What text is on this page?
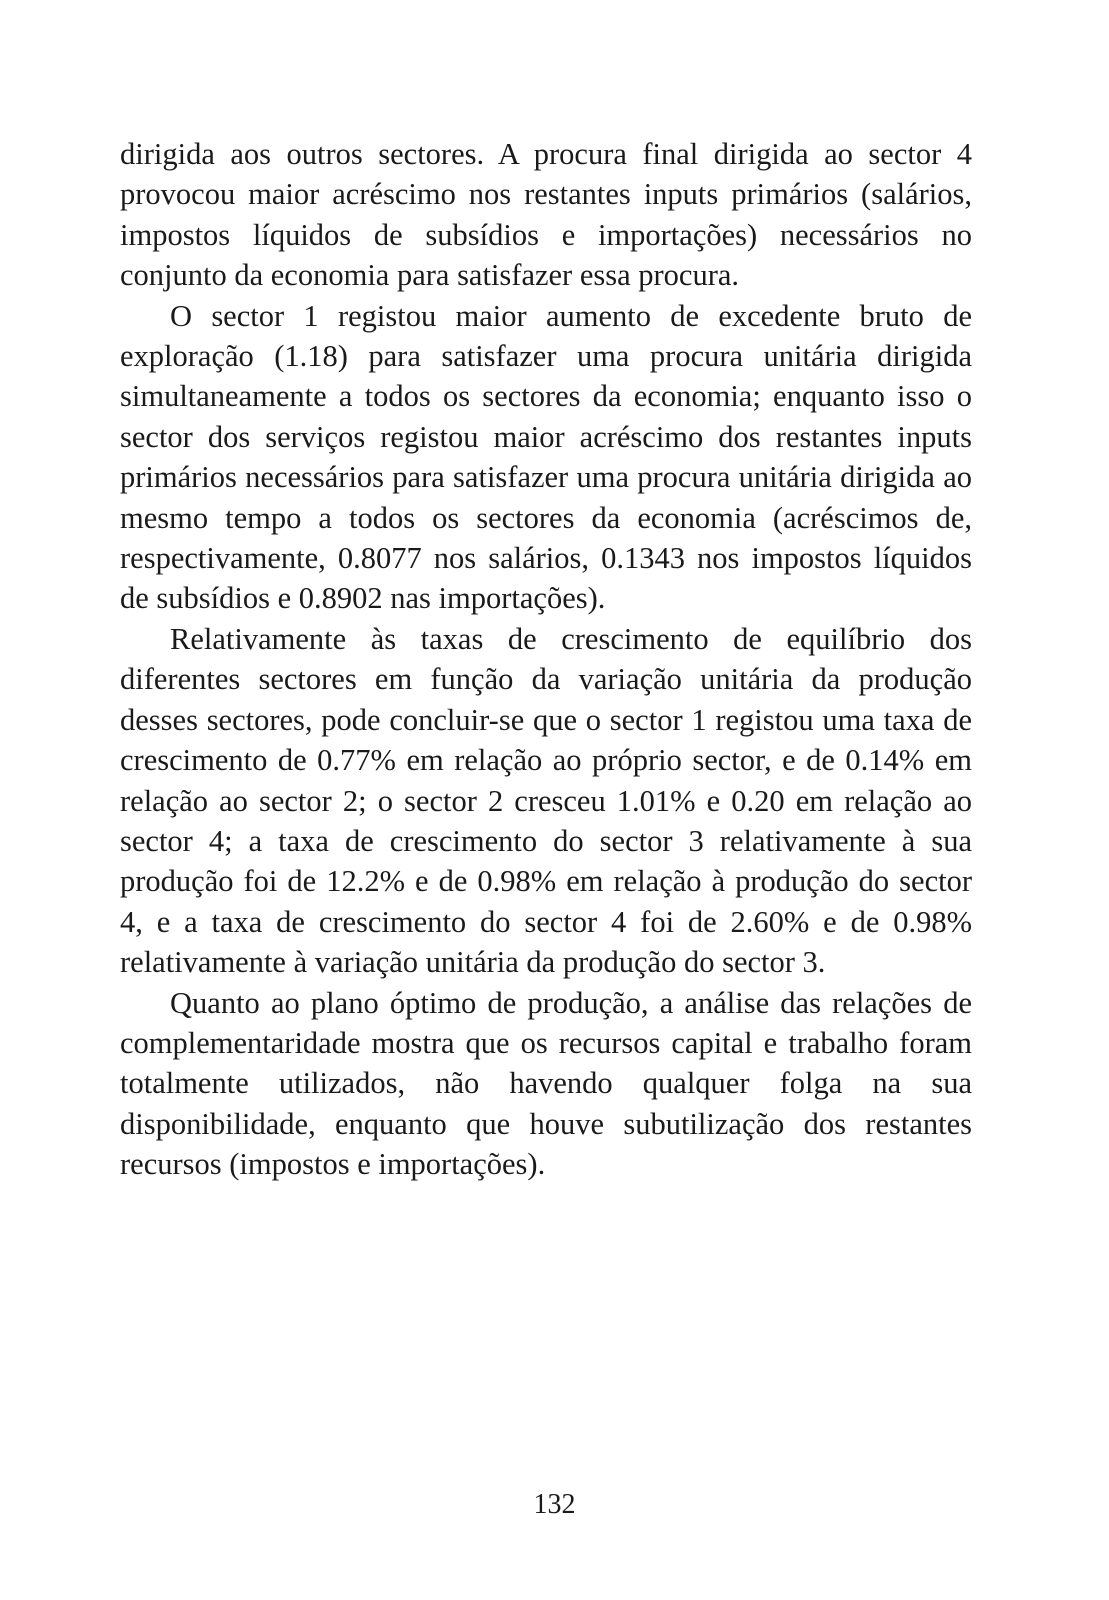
dirigida aos outros sectores. A procura final dirigida ao sector 4 provocou maior acréscimo nos restantes inputs primários (salários, impostos líquidos de subsídios e importações) necessários no conjunto da economia para satisfazer essa procura.

O sector 1 registou maior aumento de excedente bruto de exploração (1.18) para satisfazer uma procura unitária dirigida simultaneamente a todos os sectores da economia; enquanto isso o sector dos serviços registou maior acréscimo dos restantes inputs primários necessários para satisfazer uma procura unitária dirigida ao mesmo tempo a todos os sectores da economia (acréscimos de, respectivamente, 0.8077 nos salários, 0.1343 nos impostos líquidos de subsídios e 0.8902 nas importações).

Relativamente às taxas de crescimento de equilíbrio dos diferentes sectores em função da variação unitária da produção desses sectores, pode concluir-se que o sector 1 registou uma taxa de crescimento de 0.77% em relação ao próprio sector, e de 0.14% em relação ao sector 2; o sector 2 cresceu 1.01% e 0.20 em relação ao sector 4; a taxa de crescimento do sector 3 relativamente à sua produção foi de 12.2% e de 0.98% em relação à produção do sector 4, e a taxa de crescimento do sector 4 foi de 2.60% e de 0.98% relativamente à variação unitária da produção do sector 3.

Quanto ao plano óptimo de produção, a análise das relações de complementaridade mostra que os recursos capital e trabalho foram totalmente utilizados, não havendo qualquer folga na sua disponibilidade, enquanto que houve subutilização dos restantes recursos (impostos e importações).

132
